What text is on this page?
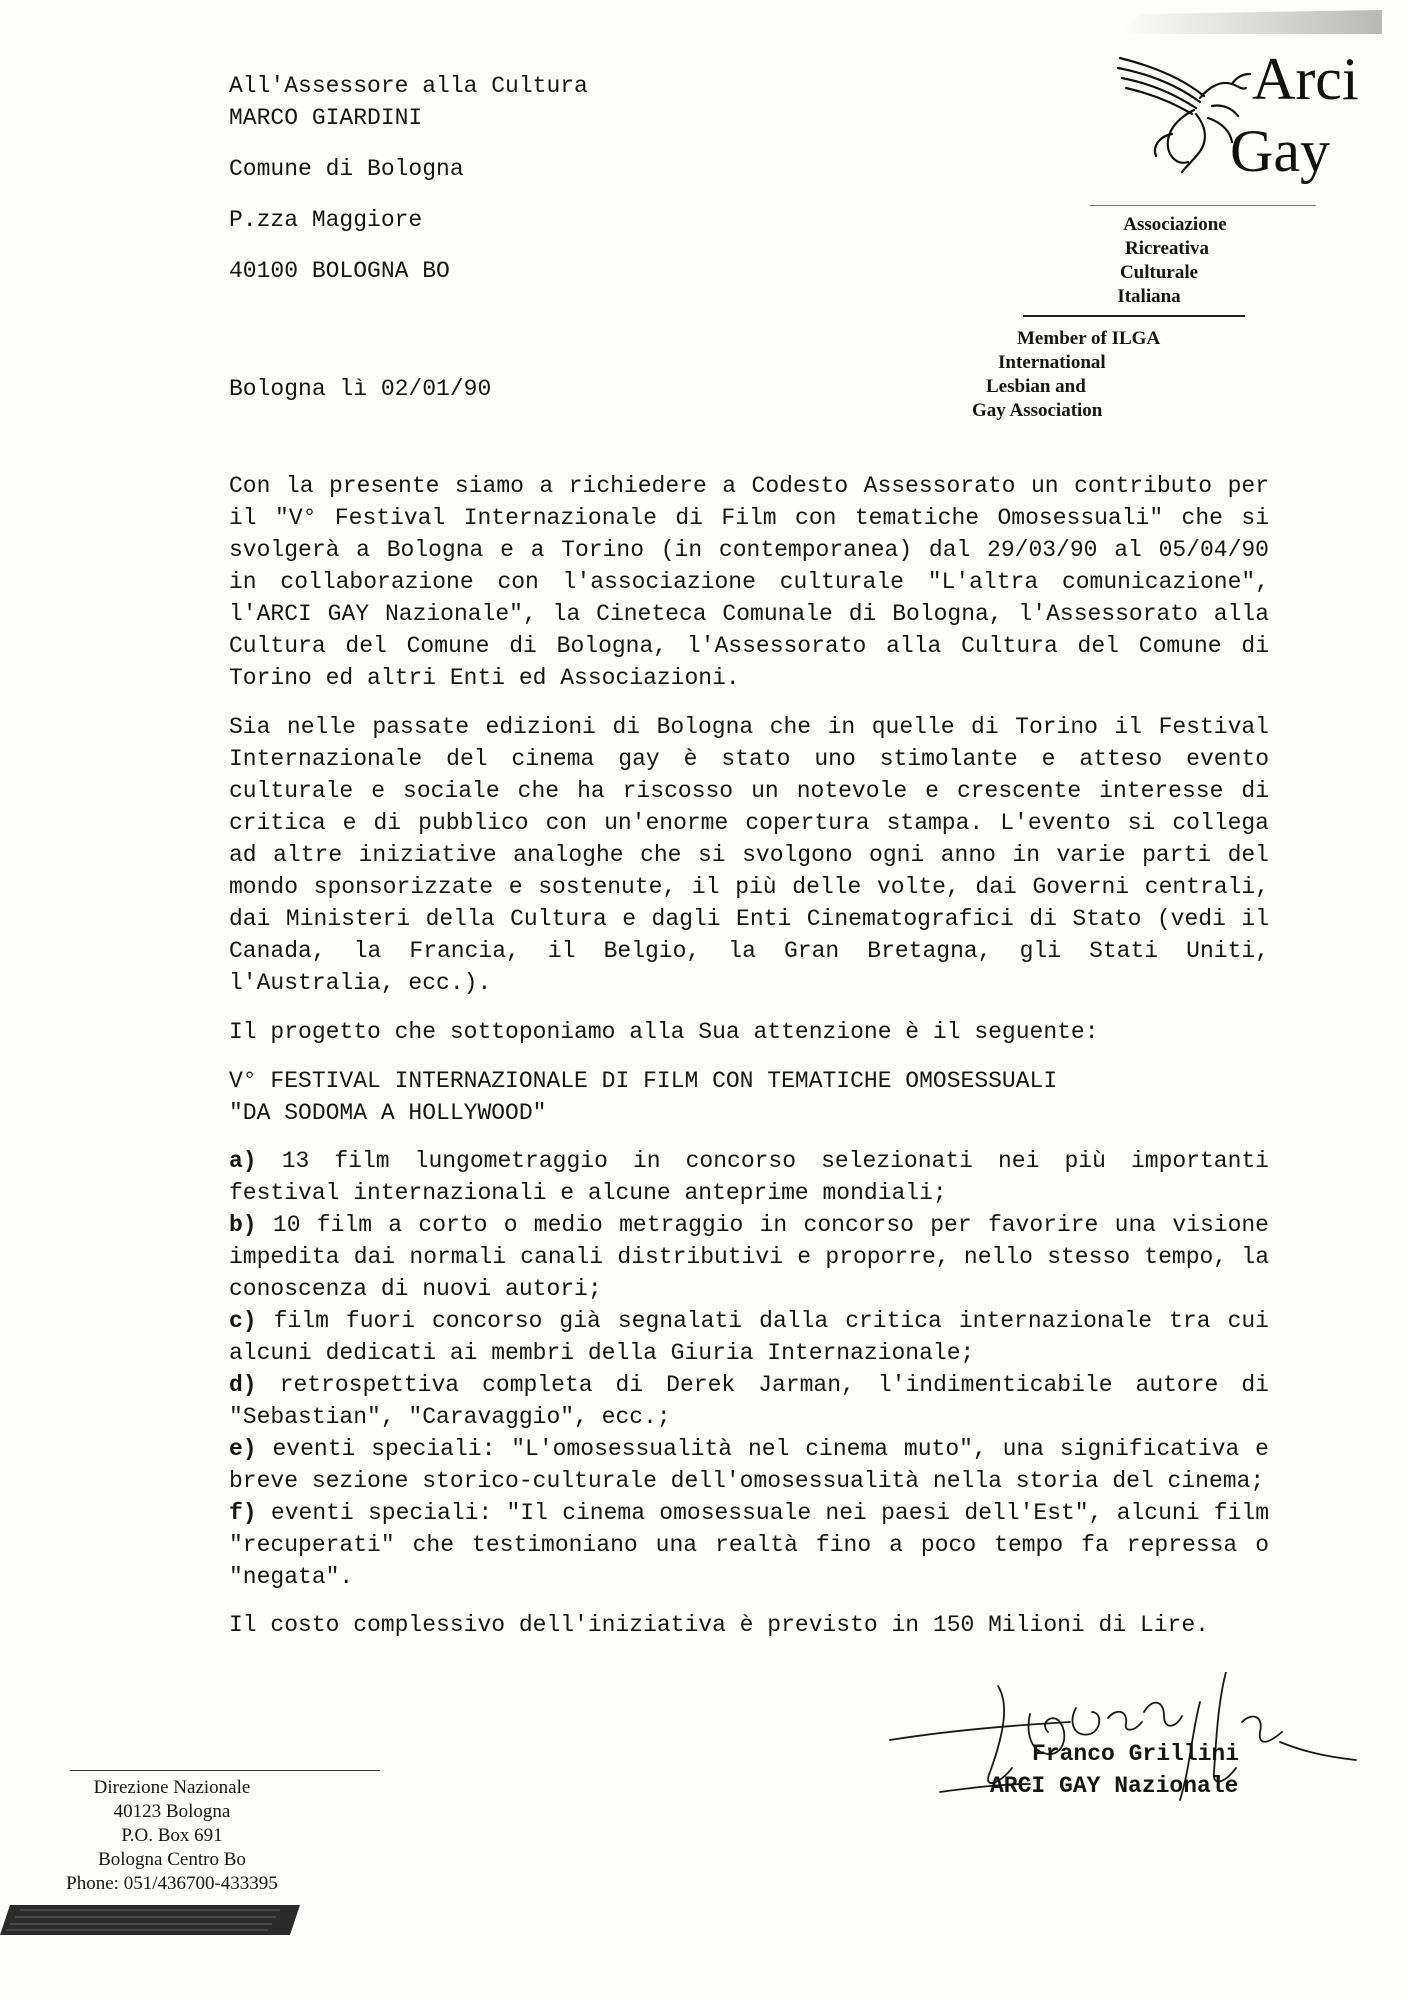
All'Assessore alla Cultura
MARCO GIARDINI
Comune di Bologna
P.zza Maggiore
40100 BOLOGNA BO
Bologna lì 02/01/90
Arci
Gay
Associazione
Ricreativa
Culturale
Italiana
Member of ILGA
International
Lesbian and
Gay Association

Con la presente siamo a richiedere a Codesto Assessorato un contributo per il "V° Festival Internazionale di Film con tematiche Omosessuali" che si svolgerà a Bologna e a Torino (in contemporanea) dal 29/03/90 al 05/04/90 in collaborazione con l'associazione culturale "L'altra comunicazione", l'ARCI GAY Nazionale", la Cineteca Comunale di Bologna, l'Assessorato alla Cultura del Comune di Bologna, l'Assessorato alla Cultura del Comune di Torino ed altri Enti ed Associazioni.

Sia nelle passate edizioni di Bologna che in quelle di Torino il Festival Internazionale del cinema gay è stato uno stimolante e atteso evento culturale e sociale che ha riscosso un notevole e crescente interesse di critica e di pubblico con un'enorme copertura stampa. L'evento si collega ad altre iniziative analoghe che si svolgono ogni anno in varie parti del mondo sponsorizzate e sostenute, il più delle volte, dai Governi centrali, dai Ministeri della Cultura e dagli Enti Cinematografici di Stato (vedi il Canada, la Francia, il Belgio, la Gran Bretagna, gli Stati Uniti, l'Australia, ecc.).

Il progetto che sottoponiamo alla Sua attenzione è il seguente:

V° FESTIVAL INTERNAZIONALE DI FILM CON TEMATICHE OMOSESSUALI
"DA SODOMA A HOLLYWOOD"
a) 13 film lungometraggio in concorso selezionati nei più importanti festival internazionali e alcune anteprime mondiali;
b) 10 film a corto o medio metraggio in concorso per favorire una visione impedita dai normali canali distributivi e proporre, nello stesso tempo, la conoscenza di nuovi autori;
c) film fuori concorso già segnalati dalla critica internazionale tra cui alcuni dedicati ai membri della Giuria Internazionale;
d) retrospettiva completa di Derek Jarman, l'indimenticabile autore di "Sebastian", "Caravaggio", ecc.;
e) eventi speciali: "L'omosessualità nel cinema muto", una significativa e breve sezione storico-culturale dell'omosessualità nella storia del cinema;
f) eventi speciali: "Il cinema omosessuale nei paesi dell'Est", alcuni film "recuperati" che testimoniano una realtà fino a poco tempo fa repressa o "negata".

Il costo complessivo dell'iniziativa è previsto in 150 Milioni di Lire.

Franco Grillini
ARCI GAY Nazionale
Direzione Nazionale
40123 Bologna
P.O. Box 691
Bologna Centro Bo
Phone: 051/436700-433395
